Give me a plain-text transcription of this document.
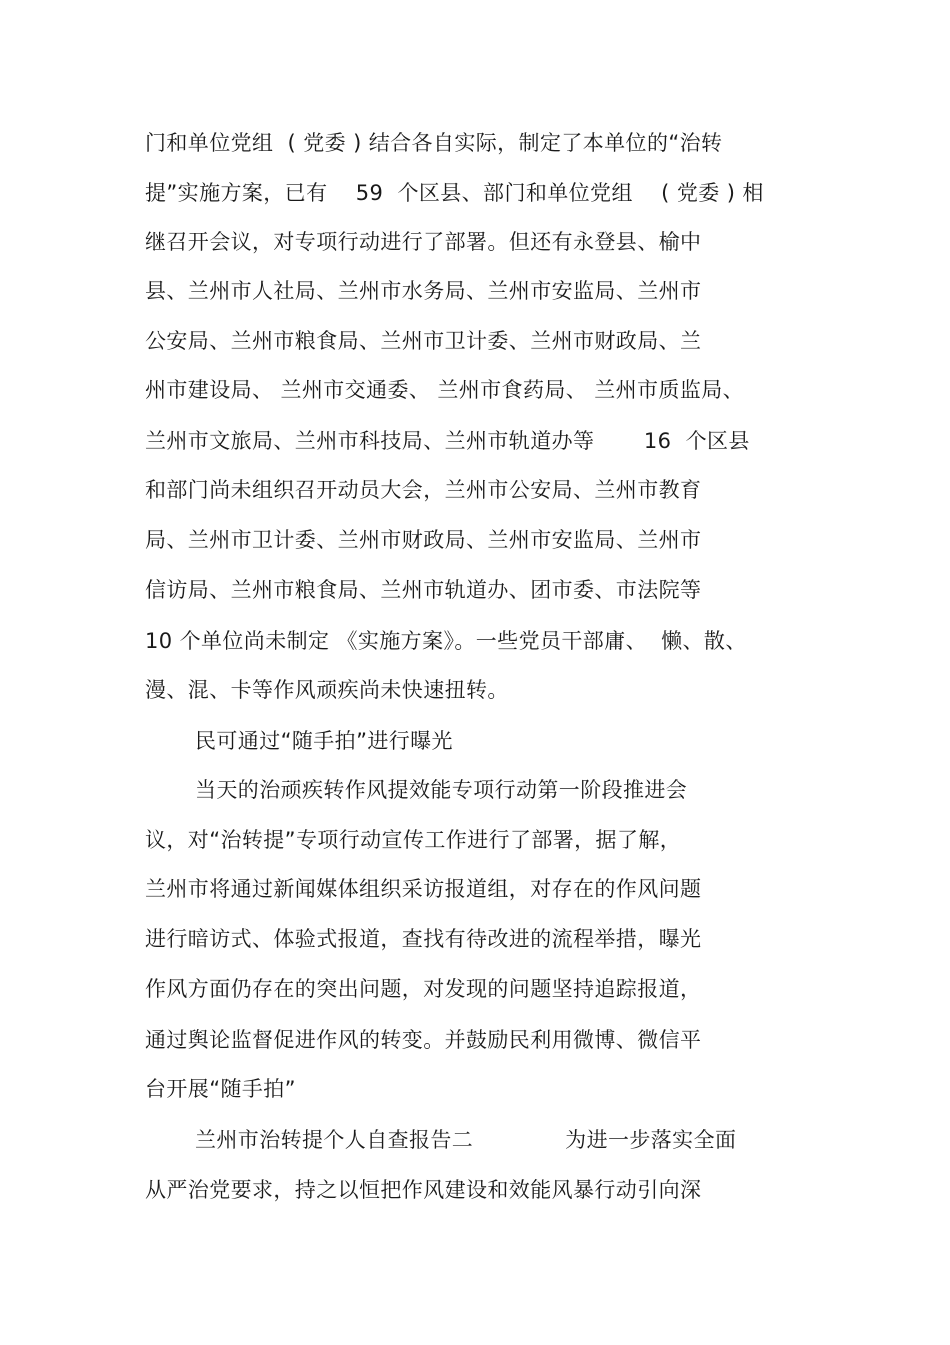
门和单位党组  ( 党委 ) 结合各自实际，制定了本单位的“治转
提”实施方案，已有    59  个区县、部门和单位党组    ( 党委 ) 相
继召开会议，对专项行动进行了部署。但还有永登县、榆中
县、兰州市人社局、兰州市水务局、兰州市安监局、兰州市
公安局、兰州市粮食局、兰州市卫计委、兰州市财政局、兰
州市建设局、 兰州市交通委、 兰州市食药局、 兰州市质监局、
兰州市文旅局、兰州市科技局、兰州市轨道办等       16  个区县
和部门尚未组织召开动员大会，兰州市公安局、兰州市教育
局、兰州市卫计委、兰州市财政局、兰州市安监局、兰州市
信访局、兰州市粮食局、兰州市轨道办、团市委、市法院等
10 个单位尚未制定 《实施方案》。一些党员干部庸、  懒、散、
漫、混、卡等作风顽疾尚未快速扭转。
民可通过“随手拍”进行曝光
当天的治顽疾转作风提效能专项行动第一阶段推进会
议，对“治转提”专项行动宣传工作进行了部署，据了解，
兰州市将通过新闻媒体组织采访报道组，对存在的作风问题
进行暗访式、体验式报道，查找有待改进的流程举措，曝光
作风方面仍存在的突出问题，对发现的问题坚持追踪报道，
通过舆论监督促进作风的转变。并鼓励民利用微博、微信平
台开展“随手拍”
兰州市治转提个人自查报告二             为进一步落实全面
从严治党要求，持之以恒把作风建设和效能风暴行动引向深
